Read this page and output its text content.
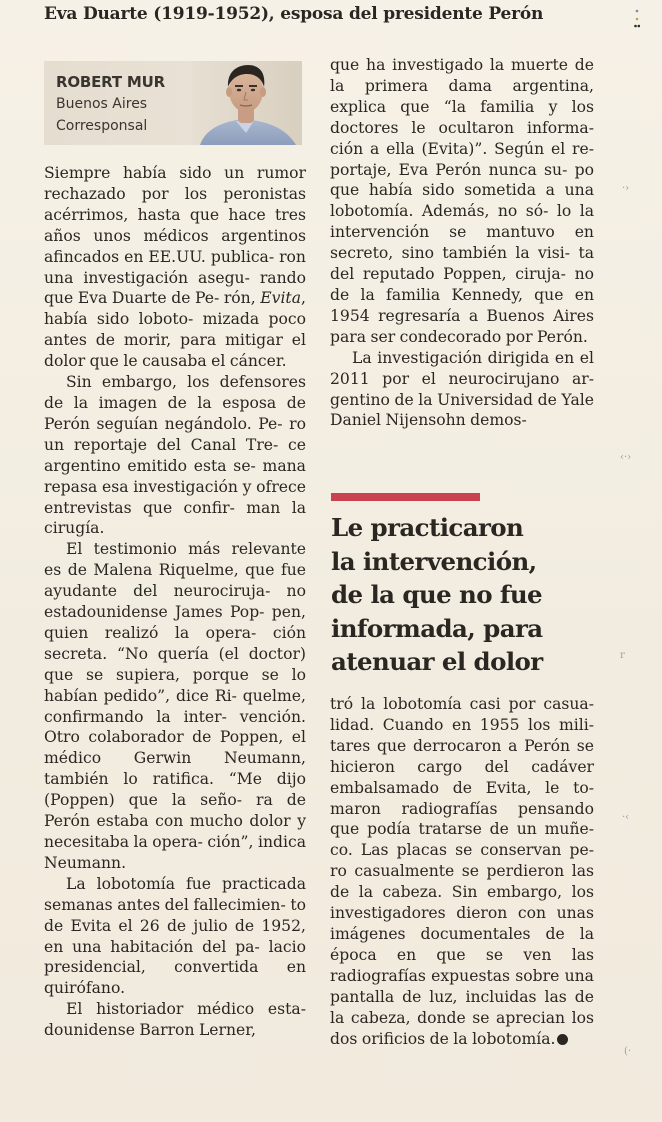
Eva Duarte (1919-1952), esposa del presidente Perón
ROBERT MUR
Buenos Aires
Corresponsal

Siempre había sido un rumor rechazado por los peronistas acérrimos, hasta que hace tres años unos médicos argentinos afincados en EE.UU. publica- ron una investigación asegu- rando que Eva Duarte de Pe- rón, Evita, había sido loboto- mizada poco antes de morir, para mitigar el dolor que le causaba el cáncer.

Sin embargo, los defensores de la imagen de la esposa de Perón seguían negándolo. Pe- ro un reportaje del Canal Tre- ce argentino emitido esta se- mana repasa esa investigación y ofrece entrevistas que confir- man la cirugía.

El testimonio más relevante es de Malena Riquelme, que fue ayudante del neurociruja- no estadounidense James Pop- pen, quien realizó la opera- ción secreta. “No quería (el doctor) que se supiera, porque se lo habían pedido”, dice Ri- quelme, confirmando la inter- vención. Otro colaborador de Poppen, el médico Gerwin Neumann, también lo ratifica. “Me dijo (Poppen) que la seño- ra de Perón estaba con mucho dolor y necesitaba la opera- ción”, indica Neumann.

La lobotomía fue practicada semanas antes del fallecimien- to de Evita el 26 de julio de 1952, en una habitación del pa- lacio presidencial, convertida en quirófano.

El historiador médico esta- dounidense Barron Lerner,

que ha investigado la muerte de la primera dama argentina, explica que “la familia y los doctores le ocultaron informa- ción a ella (Evita)”. Según el re- portaje, Eva Perón nunca su- po que había sido sometida a una lobotomía. Además, no só- lo la intervención se mantuvo en secreto, sino también la visi- ta del reputado Poppen, ciruja- no de la familia Kennedy, que en 1954 regresaría a Buenos Aires para ser condecorado por Perón.

La investigación dirigida en el 2011 por el neurocirujano ar- gentino de la Universidad de Yale Daniel Nijensohn demos-

Le practicaron
la intervención,
de la que no fue
informada, para
atenuar el dolor

tró la lobotomía casi por casua- lidad. Cuando en 1955 los mili- tares que derrocaron a Perón se hicieron cargo del cadáver embalsamado de Evita, le to- maron radiografías pensando que podía tratarse de un muñe- co. Las placas se conservan pe- ro casualmente se perdieron las de la cabeza. Sin embargo, los investigadores dieron con unas imágenes documentales de la época en que se ven las radiografías expuestas sobre una pantalla de luz, incluidas las de la cabeza, donde se aprecian los dos orificios de la lobotomía.

·›
‹·›
r
·‹
(·
